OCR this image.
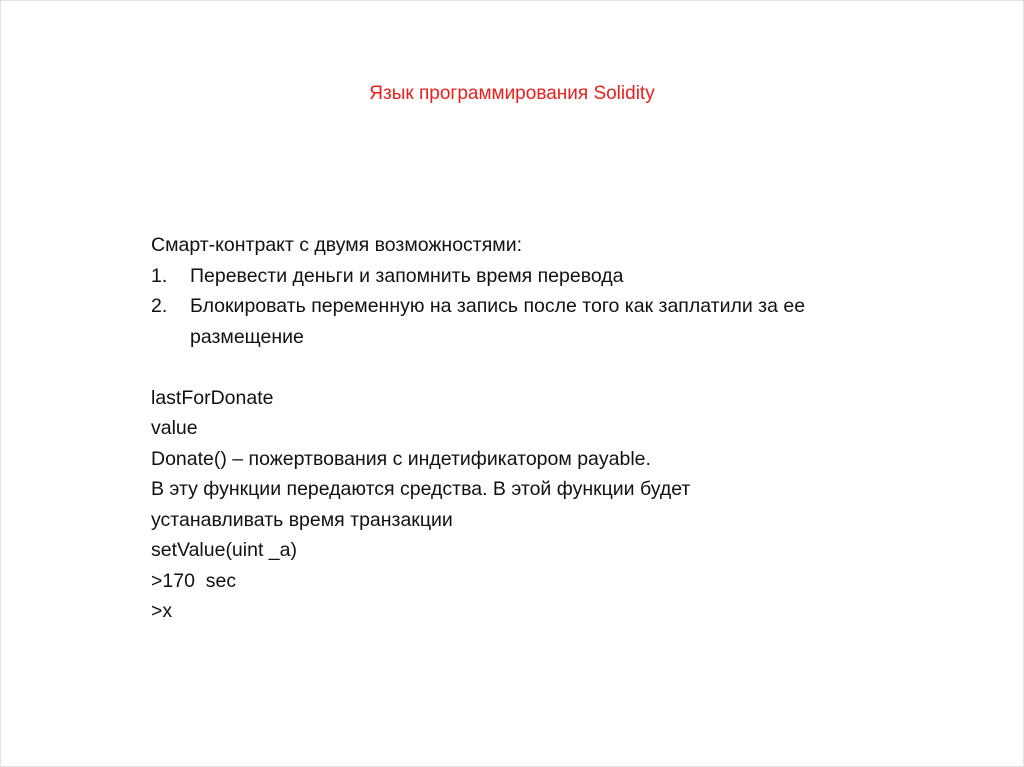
Язык программирования Solidity
Смарт-контракт с двумя возможностями:
1. Перевести деньги и запомнить время перевода
2. Блокировать переменную на запись после того как заплатили за ее размещение
lastForDonate
value
Donate() – пожертвования с индетификатором payable.
В эту функции передаются средства. В этой функции будет
устанавливать время транзакции
setValue(uint _a)
>170  sec
>x
